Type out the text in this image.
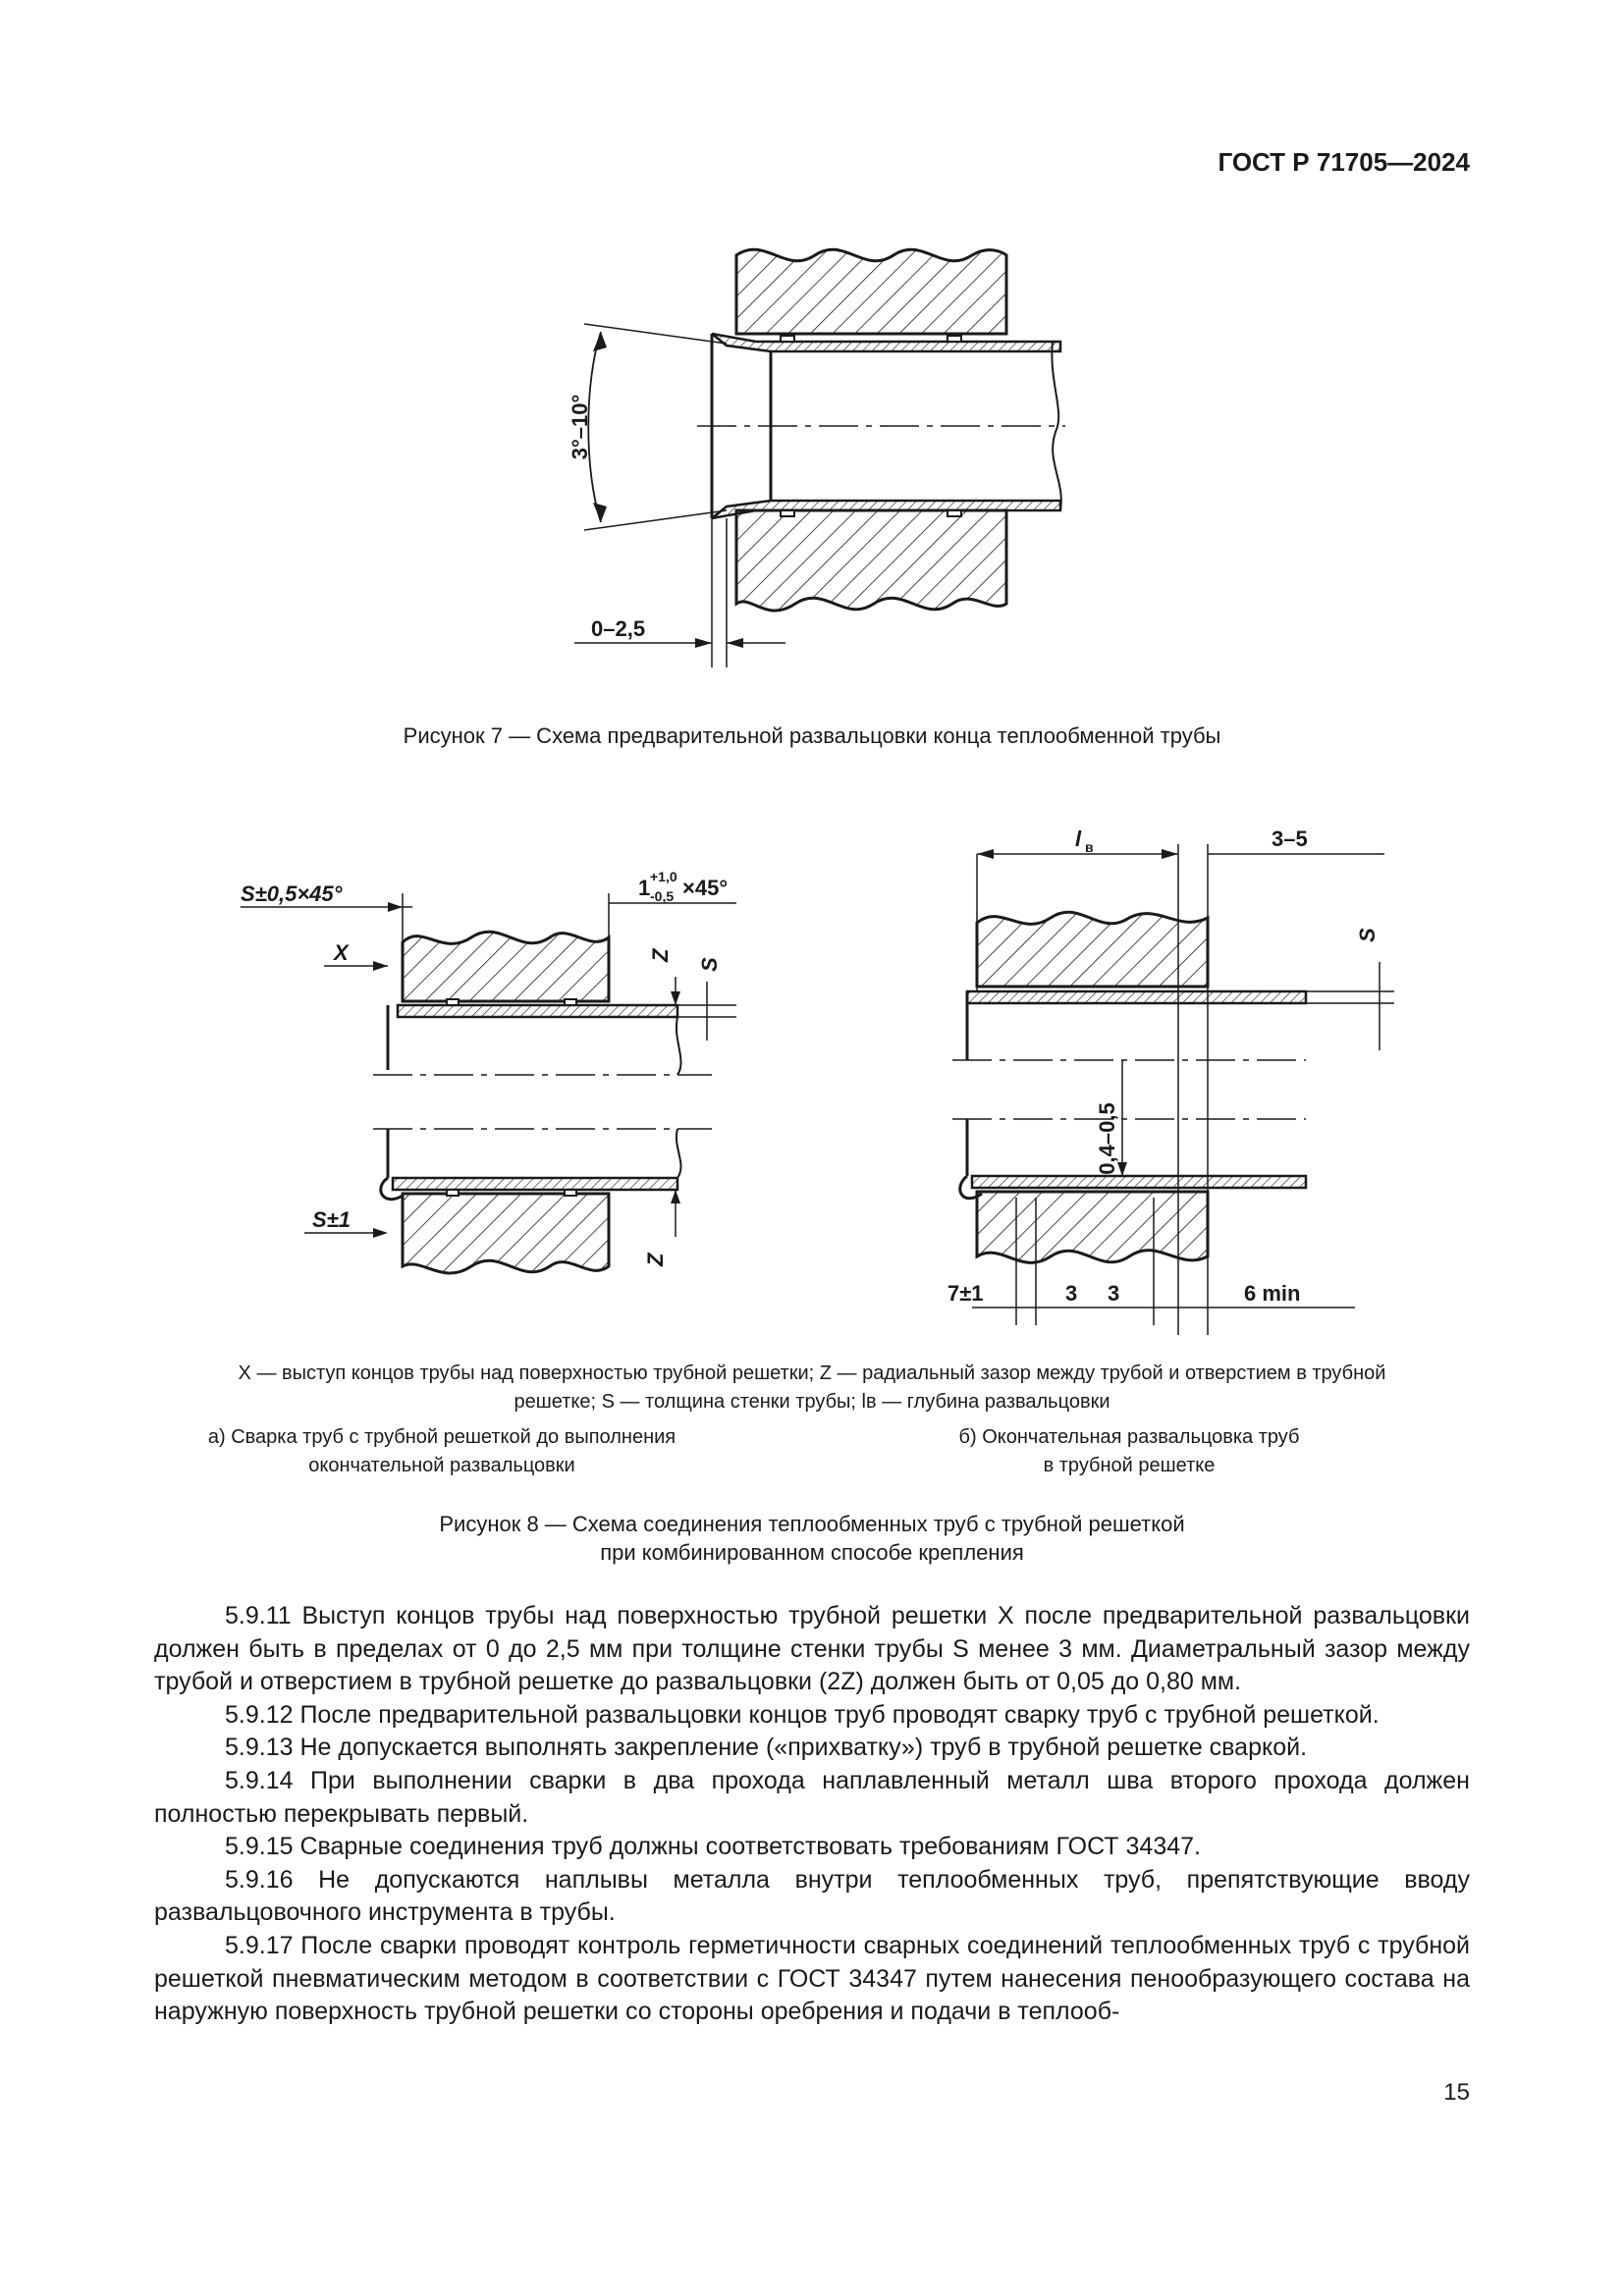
ГОСТ Р 71705—2024
3°–10°
0–2,5
Рисунок 7 — Схема предварительной развальцовки конца теплообменной трубы
S±0,5×45°	1 +1,0
-0,5 ×45°
X	Z
S
S±1
Z
l в	3–5
S
0,4–0,5
7±1	3 3	6 min
X — выступ концов трубы над поверхностью трубной решетки; Z — радиальный зазор между трубой и отверстием в трубной
решетке; S — толщина стенки трубы; lв — глубина развальцовки
а) Сварка труб с трубной решеткой до выполнения
окончательной развальцовки
б) Окончательная развальцовка труб
в трубной решетке
Рисунок 8 — Схема соединения теплообменных труб с трубной решеткой
при комбинированном способе крепления

5.9.11 Выступ концов трубы над поверхностью трубной решетки X после предварительной развальцовки должен быть в пределах от 0 до 2,5 мм при толщине стенки трубы S менее 3 мм. Диаметральный зазор между трубой и отверстием в трубной решетке до развальцовки (2Z) должен быть от 0,05 до 0,80 мм.

5.9.12 После предварительной развальцовки концов труб проводят сварку труб с трубной решеткой.

5.9.13 Не допускается выполнять закрепление («прихватку») труб в трубной решетке сваркой.

5.9.14 При выполнении сварки в два прохода наплавленный металл шва второго прохода должен полностью перекрывать первый.

5.9.15 Сварные соединения труб должны соответствовать требованиям ГОСТ 34347.

5.9.16 Не допускаются наплывы металла внутри теплообменных труб, препятствующие вводу развальцовочного инструмента в трубы.

5.9.17 После сварки проводят контроль герметичности сварных соединений теплообменных труб с трубной решеткой пневматическим методом в соответствии с ГОСТ 34347 путем нанесения пенообразующего состава на наружную поверхность трубной решетки со стороны оребрения и подачи в теплооб-

15
